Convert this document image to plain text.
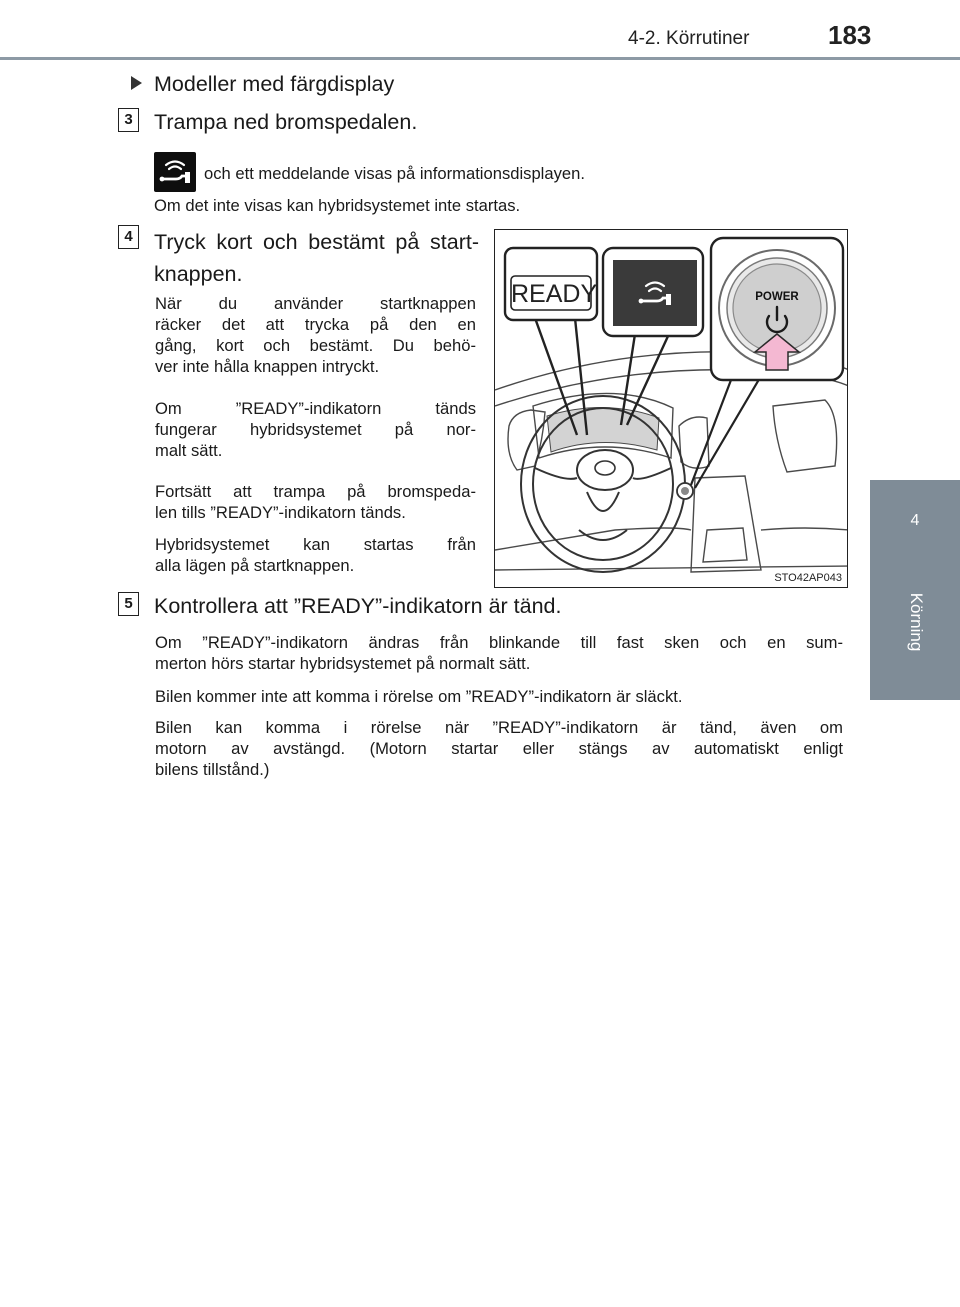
4-2. Körrutiner	183
4
Körning
Modeller med färgdisplay
3 Trampa ned bromspedalen.
och ett meddelande visas på informationsdisplayen.
Om det inte visas kan hybridsystemet inte startas.
4 Tryck kort och bestämt på start-
knappen.
När du använder startknappen
räcker det att trycka på den en
gång, kort och bestämt. Du behö-
ver inte hålla knappen intryckt.
Om ”READY”-indikatorn tänds
fungerar hybridsystemet på nor-
malt sätt.
Fortsätt att trampa på bromspeda-
len tills ”READY”-indikatorn tänds.
Hybridsystemet kan startas från
alla lägen på startknappen.
READY	POWER
STO42AP043
5 Kontrollera att ”READY”-indikatorn är tänd.
Om ”READY”-indikatorn ändras från blinkande till fast sken och en sum-
merton hörs startar hybridsystemet på normalt sätt.
Bilen kommer inte att komma i rörelse om ”READY”-indikatorn är släckt.
Bilen kan komma i rörelse när ”READY”-indikatorn är tänd, även om
motorn av avstängd. (Motorn startar eller stängs av automatiskt enligt
bilens tillstånd.)
